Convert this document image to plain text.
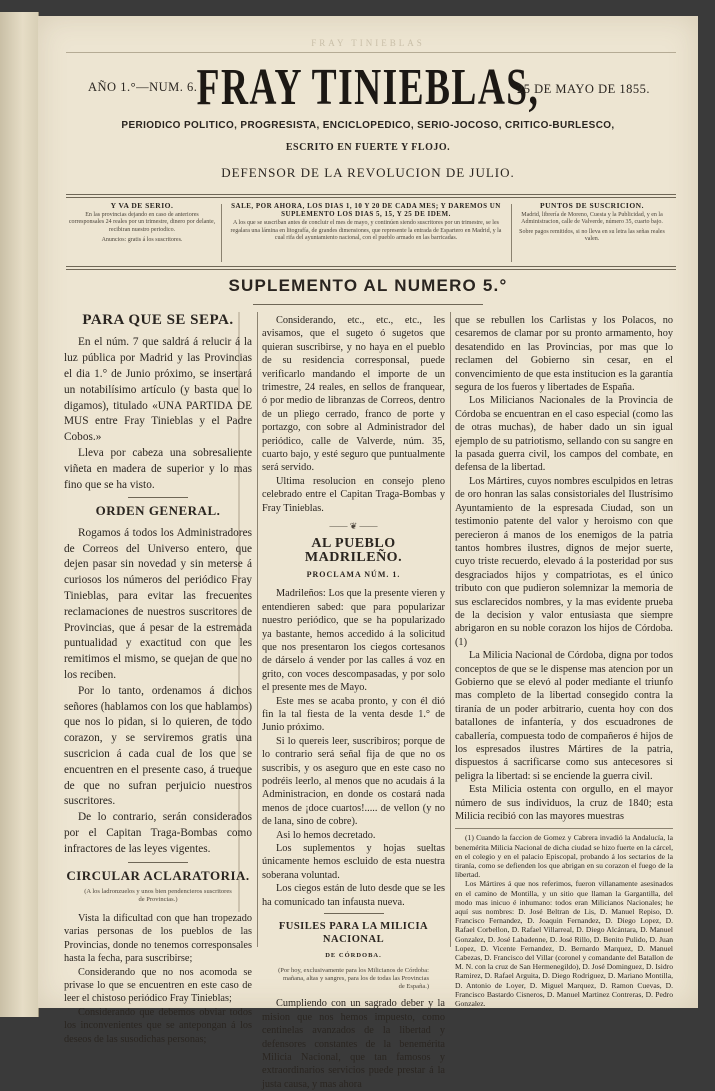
FRAY TINIEBLAS
AÑO 1.°—NUM. 6. FRAY TINIEBLAS,
25 DE MAYO DE 1855.
PERIODICO POLITICO, PROGRESISTA, ENCICLOPEDICO, SERIO-JOCOSO, CRITICO-BURLESCO,
ESCRITO EN FUERTE Y FLOJO.
DEFENSOR DE LA REVOLUCION DE JULIO.
Y VA DE SERIO.
En las provincias dejando en caso de anteriores corresponsales 24 reales por un trimestre, dinero por delante, recibiran nuestro periodico.
Anuncios: gratis á los suscritores.
SALE, POR AHORA, LOS DIAS 1, 10 Y 20 DE CADA MES; Y DAREMOS UN SUPLEMENTO LOS DIAS 5, 15, Y 25 DE IDEM.
A los que se suscriban antes de concluir el mes de mayo, y continúen siendo suscritores por un trimestre, se les regalara una lámina en litografía, de grandes dimensiones, que represente la entrada de Espartero en Madrid, y la cual rifa del ayuntamiento nacional, con el pueblo armado en las barricadas.
PUNTOS DE SUSCRICION.
Madrid, librería de Moreno, Cuesta y la Publicidad, y en la Administracion, calle de Valverde, número 35, cuarto bajo.
Sobre pagos remitidos, si no lleva en su letra las señas reales valen.
SUPLEMENTO AL NUMERO 5.°
PARA QUE SE SEPA.

En el núm. 7 que saldrá á relucir á la luz pública por Madrid y las Provincias el dia 1.° de Junio próximo, se insertará un notabilísimo artículo (y basta que lo digamos), titulado «UNA PARTIDA DE MUS entre Fray Tinieblas y el Padre Cobos.»

Lleva por cabeza una sobresaliente viñeta en madera de superior y lo mas fino que se ha visto.

ORDEN GENERAL.

Rogamos á todos los Administradores de Correos del Universo entero, que dejen pasar sin novedad y sin meterse á curiosos los números del periódico Fray Tinieblas, para evitar las frecuentes reclamaciones de nuestros suscritores de Provincias, que á pesar de la estremada puntualidad y exactitud con que les remitimos el mismo, se quejan de que no los reciben.

Por lo tanto, ordenamos á dichos señores (hablamos con los que hablamos) que nos lo pidan, si lo quieren, de todo corazon, y se serviremos gratis una suscricion á cada cual de los que se encuentren en el presente caso, á trueque de que no sufran perjuicio nuestros suscritores.

De lo contrario, serán considerados por el Capitan Traga-Bombas como infractores de las leyes vigentes.

CIRCULAR ACLARATORIA.
(A los ladronzuelos y unos bien pendencieros suscritores de Provincias.)

Vista la dificultad con que han tropezado varias personas de los pueblos de las Provincias, donde no tenemos corresponsales hasta la fecha, para suscribirse;

Considerando que no nos acomoda se privase lo que se encuentren en este caso de leer el chistoso periódico Fray Tinieblas;

Considerando que debemos obviar todos los inconvenientes que se antepongan á los deseos de las susodichas personas;

Considerando, etc., etc., etc., les avisamos, que el sugeto ó sugetos que quieran suscribirse, y no haya en el pueblo de su residencia corresponsal, puede verificarlo mandando el importe de un trimestre, 24 reales, en sellos de franquear, ó por medio de libranzas de Correos, dentro de un pliego cerrado, franco de porte y portazgo, con sobre al Administrador del periódico, calle de Valverde, núm. 35, cuarto bajo, y esté seguro que puntualmente será servido.

Ultima resolucion en consejo pleno celebrado entre el Capitan Traga-Bombas y Fray Tinieblas.

—— ❦ ——
AL PUEBLO MADRILEÑO.
PROCLAMA NÚM. 1.

Madrileños: Los que la presente vieren y entendieren sabed: que para popularizar nuestro periódico, que se ha popularizado ya bastante, hemos accedido á la solicitud que nos presentaron los ciegos cortesanos de dárselo á vender por las calles á voz en grito, con voces descompasadas, y por solo el presente mes de Mayo.

Este mes se acaba pronto, y con él dió fin la tal fiesta de la venta desde 1.° de Junio próximo.

Si lo quereis leer, suscribiros; porque de lo contrario será señal fija de que no os suscribis, y os aseguro que en este caso no podréis leerlo, al menos que no acudais á la Administracion, en donde os costará nada menos de ¡doce cuartos!..... de vellon (y no de lana, sino de cobre).

Asi lo hemos decretado.

Los suplementos y hojas sueltas únicamente hemos escluido de esta nuestra soberana voluntad.

Los ciegos están de luto desde que se les ha comunicado tan infausta nueva.

FUSILES PARA LA MILICIA NACIONAL
DE CÓRDOBA.
(Por hoy, exclusivamente para los Milicianos de Córdoba: mañana, altas y sangres, para los de todas las Provincias de España.)

Cumpliendo con un sagrado deber y la mision que nos hemos impuesto, como centinelas avanzados de la libertad y defensores constantes de la benemérita Milicia Nacional, que tan famosos y extraordinarios servicios puede prestar á la justa causa, y mas ahora

que se rebullen los Carlistas y los Polacos, no cesaremos de clamar por su pronto armamento, hoy desatendido en las Provincias, por mas que lo reclamen del Gobierno sin cesar, en el convencimiento de que esta institucion es la garantía segura de los fueros y libertades de España.

Los Milicianos Nacionales de la Provincia de Córdoba se encuentran en el caso especial (como las de otras muchas), de haber dado un sin igual ejemplo de su patriotismo, sellando con su sangre en la pasada guerra civil, los campos del combate, en defensa de la libertad.

Los Mártires, cuyos nombres esculpidos en letras de oro honran las salas consistoriales del Ilustrísimo Ayuntamiento de la espresada Ciudad, son un testimonio patente del valor y heroismo con que perecieron á manos de los enemigos de la patria tantos hombres ilustres, dignos de mejor suerte, cuyo triste recuerdo, elevado á la posteridad por sus desgraciados hijos y compatriotas, es el único tributo con que pudieron solemnizar la memoria de sus esclarecidos nombres, y la mas evidente prueba de la decision y valor entusiasta que siempre abrigaron en su noble corazon los hijos de Córdoba. (1)

La Milicia Nacional de Córdoba, digna por todos conceptos de que se le dispense mas atencion por un Gobierno que se elevó al poder mediante el triunfo mas completo de la libertad consegido contra la tiranía de un poder arbitrario, cuenta hoy con dos batallones de infantería, y dos escuadrones de caballería, compuesta todo de compañeros é hijos de los espresados ilustres Mártires de la patria, dispuestos á sacrificarse como sus antecesores si peligra la libertad: si se enciende la guerra civil.

Esta Milicia ostenta con orgullo, en el mayor número de sus individuos, la cruz de 1840; esta Milicia recibió con las mayores muestras

(1) Cuando la faccion de Gomez y Cabrera invadió la Andalucía, la benemérita Milicia Nacional de dicha ciudad se hizo fuerte en la cárcel, en el colegio y en el palacio Episcopal, probando á los sectarios de la tiranía, como se defienden los que abrigan en su corazon el fuego de la libertad.

Los Mártires á que nos referimos, fueron villanamente asesinados en el camino de Montilla, y un sitio que llaman la Gargantilla, del modo mas inicuo é inhumano: todos eran Milicianos Nacionales; he aquí sus nombres: D. José Beltran de Lis, D. Manuel Repiso, D. Francisco Fernandez, D. Joaquin Fernandez, D. Diego Lopez, D. Rafael Corbellon, D. Rafael Villarreal, D. Diego Alcántara, D. Manuel Gonzalez, D. José Labadenne, D. José Rillo, D. Benito Pulido, D. Juan Lopez, D. Vicente Fernandez, D. Bernardo Marquez, D. Manuel Cabezas, D. Francisco del Villar (coronel y comandante del Batallon de M. N. con la cruz de San Hermenegildo), D. José Dominguez, D. Isidro Ramirez, D. Rafael Arguita, D. Diego Rodriguez, D. Mariano Montilla, D. Antonio de Loyer, D. Miguel Marquez, D. Ramon Cuevas, D. Francisco Bastardo Cisneros, D. Manuel Martinez Contreras, D. Pedro Gonzalez.
